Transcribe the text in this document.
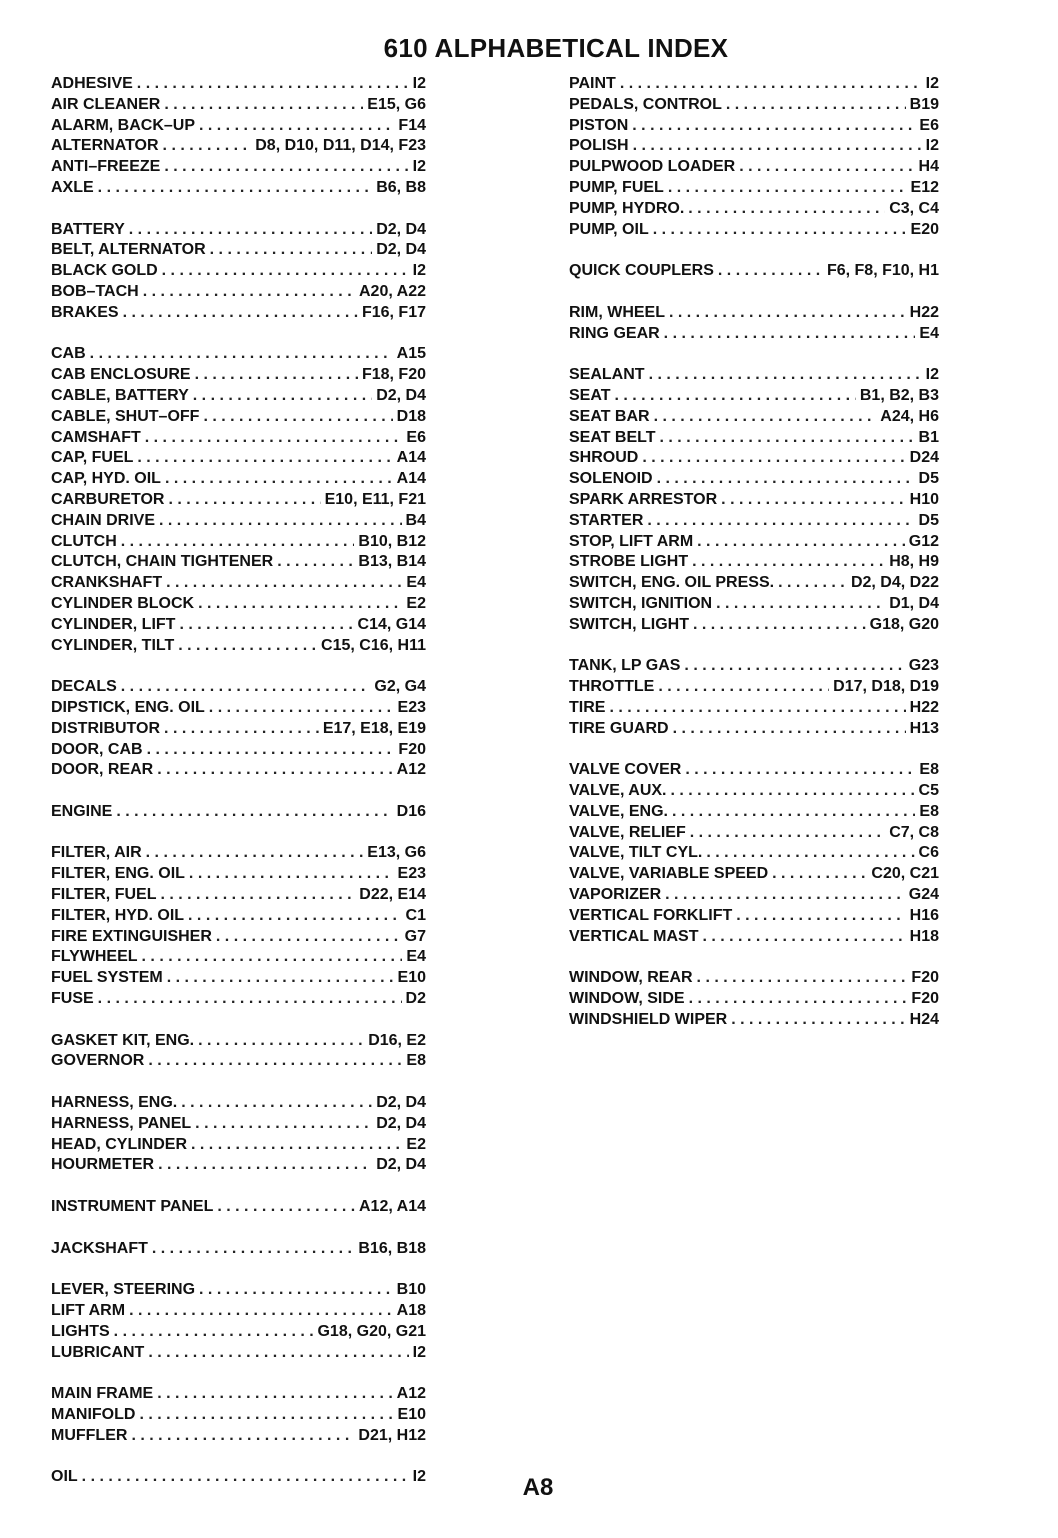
610 ALPHABETICAL INDEX
ADHESIVE . . .	I2
AIR CLEANER . . .	E15, G6
ALARM, BACK–UP . . .	F14
ALTERNATOR . . .	D8, D10, D11, D14, F23
ANTI–FREEZE . . .	I2
AXLE . . .	B6, B8
BATTERY . . .	D2, D4
BELT, ALTERNATOR . . .	D2, D4
BLACK GOLD . . .	I2
BOB–TACH . . .	A20, A22
BRAKES . . .	F16, F17
CAB . . .	A15
CAB ENCLOSURE . . .	F18, F20
CABLE, BATTERY . . .	D2, D4
CABLE, SHUT–OFF . . .	D18
CAMSHAFT . . .	E6
CAP, FUEL . . .	A14
CAP, HYD. OIL . . .	A14
CARBURETOR . . .	E10, E11, F21
CHAIN DRIVE . . .	B4
CLUTCH . . .	B10, B12
CLUTCH, CHAIN TIGHTENER . . .	B13, B14
CRANKSHAFT . . .	E4
CYLINDER BLOCK . . .	E2
CYLINDER, LIFT . . .	C14, G14
CYLINDER, TILT . . .	C15, C16, H11
DECALS . . .	G2, G4
DIPSTICK, ENG. OIL . . .	E23
DISTRIBUTOR . . .	E17, E18, E19
DOOR, CAB . . .	F20
DOOR, REAR . . .	A12
ENGINE . . .	D16
FILTER, AIR . . .	E13, G6
FILTER, ENG. OIL . . .	E23
FILTER, FUEL . . .	D22, E14
FILTER, HYD. OIL . . .	C1
FIRE EXTINGUISHER . . .	G7
FLYWHEEL . . .	E4
FUEL SYSTEM . . .	E10
FUSE . . .	D2
GASKET KIT, ENG. . . .	D16, E2
GOVERNOR . . .	E8
HARNESS, ENG. . . .	D2, D4
HARNESS, PANEL . . .	D2, D4
HEAD, CYLINDER . . .	E2
HOURMETER . . .	D2, D4
INSTRUMENT PANEL . . .	A12, A14
JACKSHAFT . . .	B16, B18
LEVER, STEERING . . .	B10
LIFT ARM . . .	A18
LIGHTS . . .	G18, G20, G21
LUBRICANT . . .	I2
MAIN FRAME . . .	A12
MANIFOLD . . .	E10
MUFFLER . . .	D21, H12
OIL . . .	I2
PAINT . . .	I2
PEDALS, CONTROL . . .	B19
PISTON . . .	E6
POLISH . . .	I2
PULPWOOD LOADER . . .	H4
PUMP, FUEL . . .	E12
PUMP, HYDRO. . . .	C3, C4
PUMP, OIL . . .	E20
QUICK COUPLERS . . .	F6, F8, F10, H1
RIM, WHEEL . . .	H22
RING GEAR . . .	E4
SEALANT . . .	I2
SEAT . . .	B1, B2, B3
SEAT BAR . . .	A24, H6
SEAT BELT . . .	B1
SHROUD . . .	D24
SOLENOID . . .	D5
SPARK ARRESTOR . . .	H10
STARTER . . .	D5
STOP, LIFT ARM . . .	G12
STROBE LIGHT . . .	H8, H9
SWITCH, ENG. OIL PRESS. . . .	D2, D4, D22
SWITCH, IGNITION . . .	D1, D4
SWITCH, LIGHT . . .	G18, G20
TANK, LP GAS . . .	G23
THROTTLE . . .	D17, D18, D19
TIRE . . .	H22
TIRE GUARD . . .	H13
VALVE COVER . . .	E8
VALVE, AUX. . . .	C5
VALVE, ENG. . . .	E8
VALVE, RELIEF . . .	C7, C8
VALVE, TILT CYL. . . .	C6
VALVE, VARIABLE SPEED . . .	C20, C21
VAPORIZER . . .	G24
VERTICAL FORKLIFT . . .	H16
VERTICAL MAST . . .	H18
WINDOW, REAR . . .	F20
WINDOW, SIDE . . .	F20
WINDSHIELD WIPER . . .	H24
A8
